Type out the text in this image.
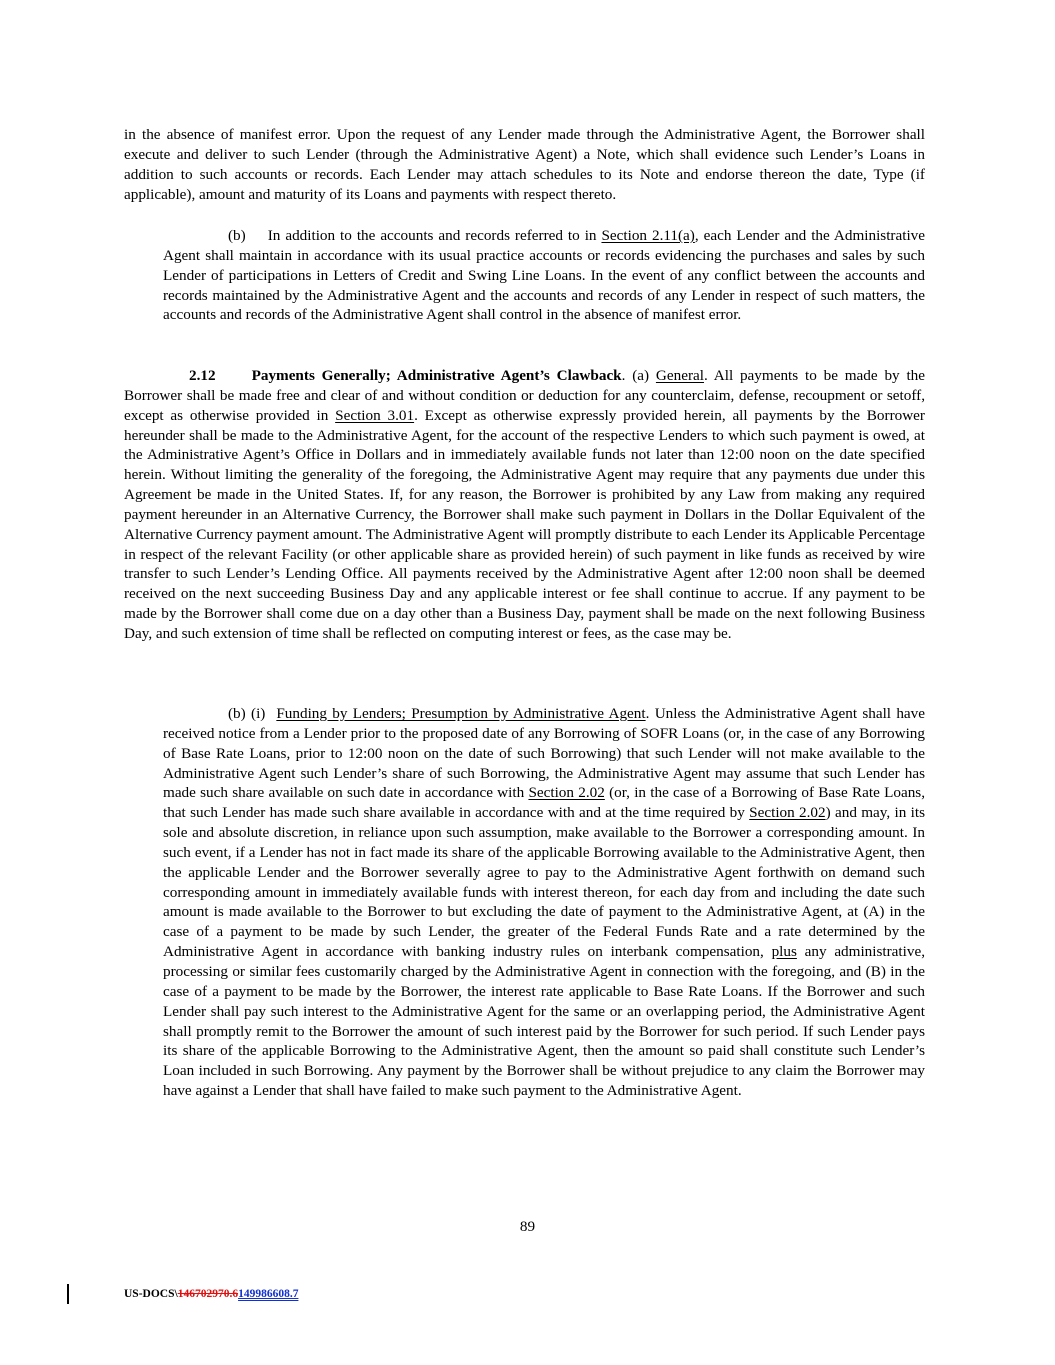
in the absence of manifest error. Upon the request of any Lender made through the Administrative Agent, the Borrower shall execute and deliver to such Lender (through the Administrative Agent) a Note, which shall evidence such Lender’s Loans in addition to such accounts or records. Each Lender may attach schedules to its Note and endorse thereon the date, Type (if applicable), amount and maturity of its Loans and payments with respect thereto.

(b) In addition to the accounts and records referred to in Section 2.11(a), each Lender and the Administrative Agent shall maintain in accordance with its usual practice accounts or records evidencing the purchases and sales by such Lender of participations in Letters of Credit and Swing Line Loans. In the event of any conflict between the accounts and records maintained by the Administrative Agent and the accounts and records of any Lender in respect of such matters, the accounts and records of the Administrative Agent shall control in the absence of manifest error.

2.12 Payments Generally; Administrative Agent’s Clawback. (a) General. All payments to be made by the Borrower shall be made free and clear of and without condition or deduction for any counterclaim, defense, recoupment or setoff, except as otherwise provided in Section 3.01. Except as otherwise expressly provided herein, all payments by the Borrower hereunder shall be made to the Administrative Agent, for the account of the respective Lenders to which such payment is owed, at the Administrative Agent’s Office in Dollars and in immediately available funds not later than 12:00 noon on the date specified herein. Without limiting the generality of the foregoing, the Administrative Agent may require that any payments due under this Agreement be made in the United States. If, for any reason, the Borrower is prohibited by any Law from making any required payment hereunder in an Alternative Currency, the Borrower shall make such payment in Dollars in the Dollar Equivalent of the Alternative Currency payment amount. The Administrative Agent will promptly distribute to each Lender its Applicable Percentage in respect of the relevant Facility (or other applicable share as provided herein) of such payment in like funds as received by wire transfer to such Lender’s Lending Office. All payments received by the Administrative Agent after 12:00 noon shall be deemed received on the next succeeding Business Day and any applicable interest or fee shall continue to accrue. If any payment to be made by the Borrower shall come due on a day other than a Business Day, payment shall be made on the next following Business Day, and such extension of time shall be reflected on computing interest or fees, as the case may be.

(b) (i) Funding by Lenders; Presumption by Administrative Agent. Unless the Administrative Agent shall have received notice from a Lender prior to the proposed date of any Borrowing of SOFR Loans (or, in the case of any Borrowing of Base Rate Loans, prior to 12:00 noon on the date of such Borrowing) that such Lender will not make available to the Administrative Agent such Lender’s share of such Borrowing, the Administrative Agent may assume that such Lender has made such share available on such date in accordance with Section 2.02 (or, in the case of a Borrowing of Base Rate Loans, that such Lender has made such share available in accordance with and at the time required by Section 2.02) and may, in its sole and absolute discretion, in reliance upon such assumption, make available to the Borrower a corresponding amount. In such event, if a Lender has not in fact made its share of the applicable Borrowing available to the Administrative Agent, then the applicable Lender and the Borrower severally agree to pay to the Administrative Agent forthwith on demand such corresponding amount in immediately available funds with interest thereon, for each day from and including the date such amount is made available to the Borrower to but excluding the date of payment to the Administrative Agent, at (A) in the case of a payment to be made by such Lender, the greater of the Federal Funds Rate and a rate determined by the Administrative Agent in accordance with banking industry rules on interbank compensation, plus any administrative, processing or similar fees customarily charged by the Administrative Agent in connection with the foregoing, and (B) in the case of a payment to be made by the Borrower, the interest rate applicable to Base Rate Loans. If the Borrower and such Lender shall pay such interest to the Administrative Agent for the same or an overlapping period, the Administrative Agent shall promptly remit to the Borrower the amount of such interest paid by the Borrower for such period. If such Lender pays its share of the applicable Borrowing to the Administrative Agent, then the amount so paid shall constitute such Lender’s Loan included in such Borrowing. Any payment by the Borrower shall be without prejudice to any claim the Borrower may have against a Lender that shall have failed to make such payment to the Administrative Agent.

89
US-DOCS\146702970.6149986608.7
